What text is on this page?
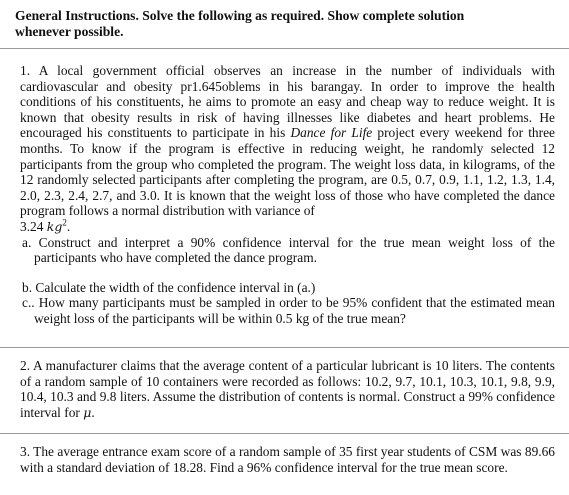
General Instructions. Solve the following as required. Show complete solution whenever possible.
1. A local government official observes an increase in the number of individuals with cardiovascular and obesity pr1.645oblems in his barangay. In order to improve the health conditions of his constituents, he aims to promote an easy and cheap way to reduce weight. It is known that obesity results in risk of having illnesses like diabetes and heart problems. He encouraged his constituents to participate in his Dance for Life project every weekend for three months. To know if the program is effective in reducing weight, he randomly selected 12 participants from the group who completed the program. The weight loss data, in kilograms, of the 12 randomly selected participants after completing the program, are 0.5, 0.7, 0.9, 1.1, 1.2, 1.3, 1.4, 2.0, 2.3, 2.4, 2.7, and 3.0. It is known that the weight loss of those who have completed the dance program follows a normal distribution with variance of
3.24 $kg^2$.
a. Construct and interpret a 90% confidence interval for the true mean weight loss of the participants who have completed the dance program.
b. Calculate the width of the confidence interval in (a.)
c.. How many participants must be sampled in order to be 95% confident that the estimated mean weight loss of the participants will be within 0.5 kg of the true mean?
2. A manufacturer claims that the average content of a particular lubricant is 10 liters. The contents of a random sample of 10 containers were recorded as follows: 10.2, 9.7, 10.1, 10.3, 10.1, 9.8, 9.9, 10.4, 10.3 and 9.8 liters. Assume the distribution of contents is normal. Construct a 99% confidence interval for μ.
3. The average entrance exam score of a random sample of 35 first year students of CSM was 89.66 with a standard deviation of 18.28. Find a 96% confidence interval for the true mean score.
